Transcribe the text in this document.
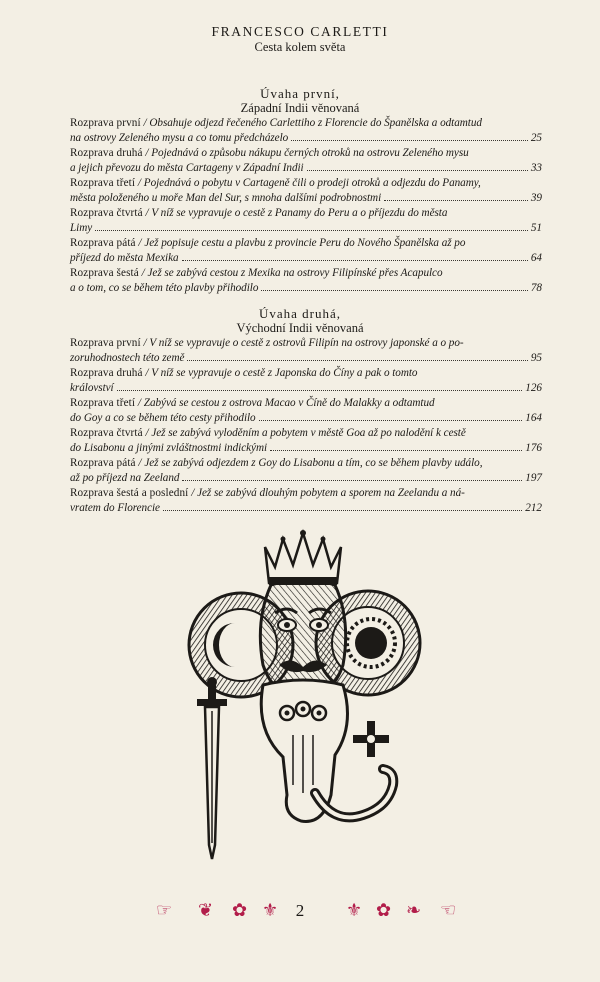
FRANCESCO CARLETTI
Cesta kolem světa
Úvaha první,
Západní Indii věnovaná
Rozprava první / Obsahuje odjezd řečeného Carlettiho z Florencie do Španělska a odtamtud
na ostrovy Zeleného mysu a co tomu předcházelo	25
Rozprava druhá / Pojednává o způsobu nákupu černých otroků na ostrovu Zeleného mysu
a jejich převozu do města Cartageny v Západní Indii	33
Rozprava třetí / Pojednává o pobytu v Cartageně čili o prodeji otroků a odjezdu do Panamy,
města položeného u moře Man del Sur, s mnoha dalšími podrobnostmi	39
Rozprava čtvrtá / V níž se vypravuje o cestě z Panamy do Peru a o příjezdu do města
Limy	51
Rozprava pátá / Jež popisuje cestu a plavbu z provincie Peru do Nového Španělska až po
příjezd do města Mexika	64
Rozprava šestá / Jež se zabývá cestou z Mexika na ostrovy Filipínské přes Acapulco
a o tom, co se během této plavby přihodilo	78
Úvaha druhá,
Východní Indii věnovaná
Rozprava první / V níž se vypravuje o cestě z ostrovů Filipín na ostrovy japonské a o po-
zoruhodnostech této země	95
Rozprava druhá / V níž se vypravuje o cestě z Japonska do Číny a pak o tomto
království	126
Rozprava třetí / Zabývá se cestou z ostrova Macao v Číně do Malakky a odtamtud
do Goy a co se během této cesty přihodilo	164
Rozprava čtvrtá / Jež se zabývá vyloděním a pobytem v městě Goa až po nalodění k cestě
do Lisabonu a jinými zvláštnostmi indickými	176
Rozprava pátá / Jež se zabývá odjezdem z Goy do Lisabonu a tím, co se během plavby událo,
až po příjezd na Zeeland	197
Rozprava šestá a poslední / Jež se zabývá dlouhým pobytem a sporem na Zeelandu a ná-
vratem do Florencie	212
☞ ❦ ✿ ⚜	2	⚜ ✿ ❧ ☜
